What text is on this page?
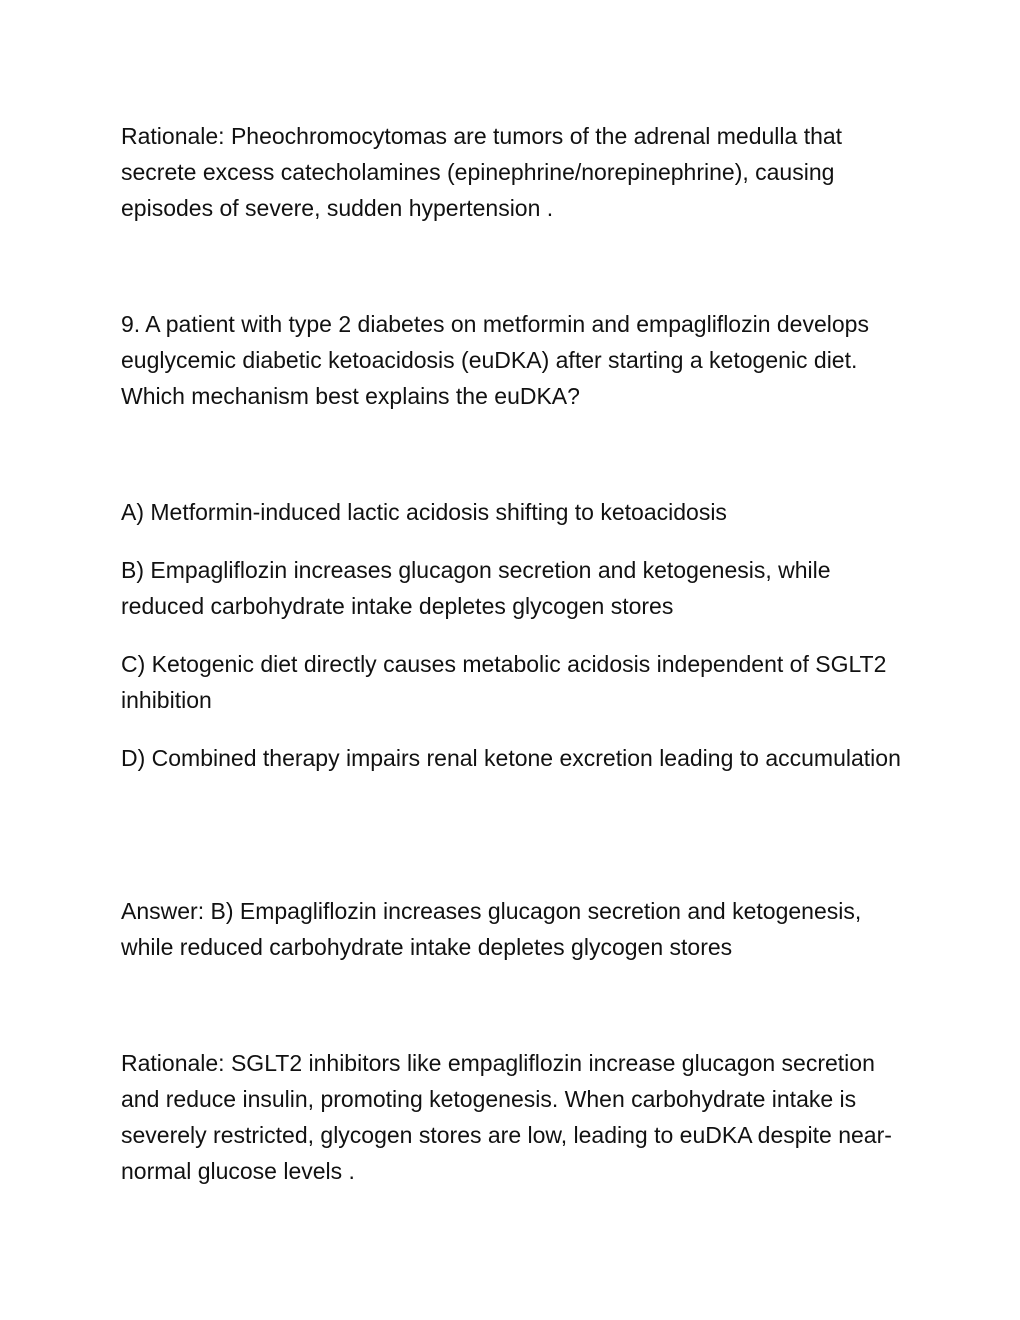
Rationale: Pheochromocytomas are tumors of the adrenal medulla that secrete excess catecholamines (epinephrine/norepinephrine), causing episodes of severe, sudden hypertension .

9. A patient with type 2 diabetes on metformin and empagliflozin develops euglycemic diabetic ketoacidosis (euDKA) after starting a ketogenic diet. Which mechanism best explains the euDKA?

A) Metformin-induced lactic acidosis shifting to ketoacidosis

B) Empagliflozin increases glucagon secretion and ketogenesis, while reduced carbohydrate intake depletes glycogen stores

C) Ketogenic diet directly causes metabolic acidosis independent of SGLT2 inhibition

D) Combined therapy impairs renal ketone excretion leading to accumulation

Answer: B) Empagliflozin increases glucagon secretion and ketogenesis, while reduced carbohydrate intake depletes glycogen stores

Rationale: SGLT2 inhibitors like empagliflozin increase glucagon secretion and reduce insulin, promoting ketogenesis. When carbohydrate intake is severely restricted, glycogen stores are low, leading to euDKA despite near-normal glucose levels .
